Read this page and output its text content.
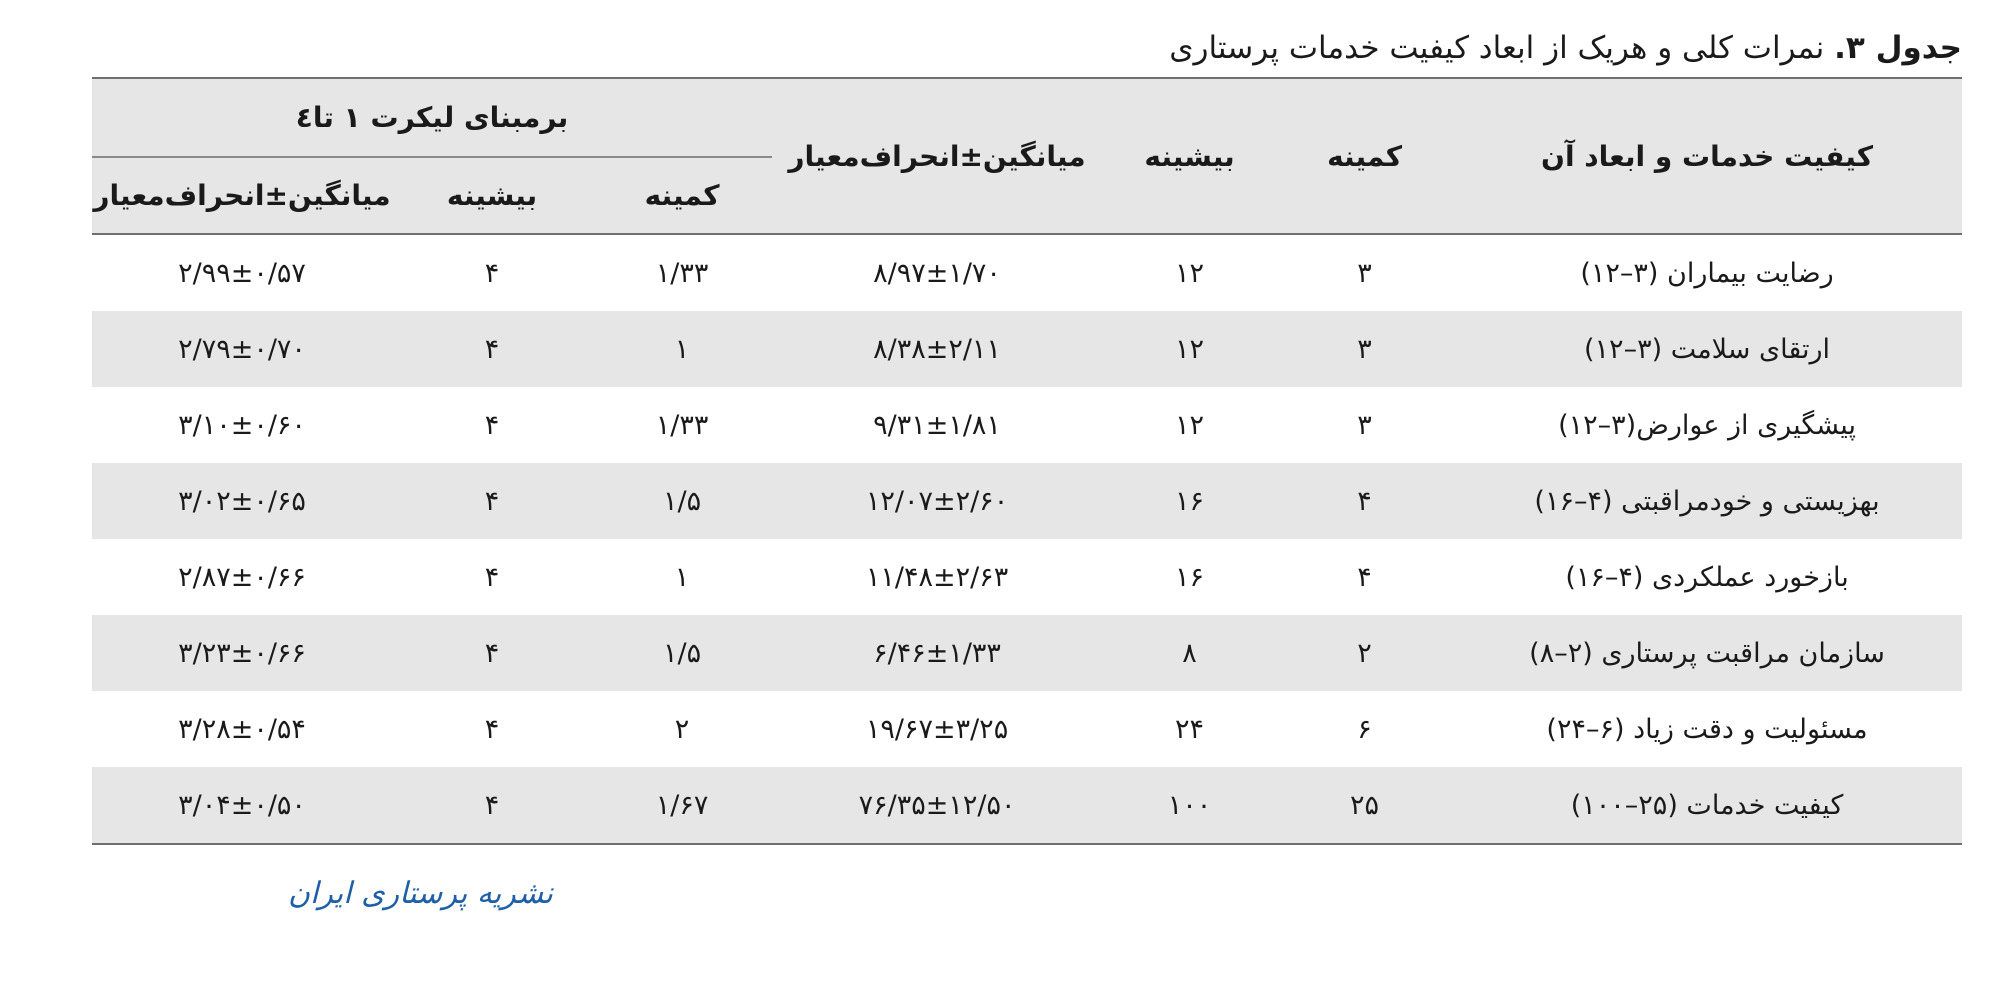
جدول ۳. نمرات کلی و هریک از ابعاد کیفیت خدمات پرستاری
کیفیت خدمات و ابعاد آن	کمینه	بیشینه	میانگین±انحراف‌معیار	برمبنای لیکرت ۱ تا٤		
				کمینه	بیشینه	میانگین±انحراف‌معیار
رضایت بیماران (۳–۱۲)	۳	۱۲	۸/۹۷±۱/۷۰	۱/۳۳	۴	۲/۹۹±۰/۵۷
ارتقای سلامت (۳–۱۲)	۳	۱۲	۸/۳۸±۲/۱۱	۱	۴	۲/۷۹±۰/۷۰
پیشگیری از عوارض(۳–۱۲)	۳	۱۲	۹/۳۱±۱/۸۱	۱/۳۳	۴	۳/۱۰±۰/۶۰
بهزیستی و خودمراقبتی (۴–۱۶)	۴	۱۶	۱۲/۰۷±۲/۶۰	۱/۵	۴	۳/۰۲±۰/۶۵
بازخورد عملکردی (۴–۱۶)	۴	۱۶	۱۱/۴۸±۲/۶۳	۱	۴	۲/۸۷±۰/۶۶
سازمان مراقبت پرستاری (۲–۸)	۲	۸	۶/۴۶±۱/۳۳	۱/۵	۴	۳/۲۳±۰/۶۶
مسئولیت و دقت زیاد (۶–۲۴)	۶	۲۴	۱۹/۶۷±۳/۲۵	۲	۴	۳/۲۸±۰/۵۴
کیفیت خدمات (۲۵–۱۰۰)	۲۵	۱۰۰	۷۶/۳۵±۱۲/۵۰	۱/۶۷	۴	۳/۰۴±۰/۵۰
نشریه پرستاری ایران
